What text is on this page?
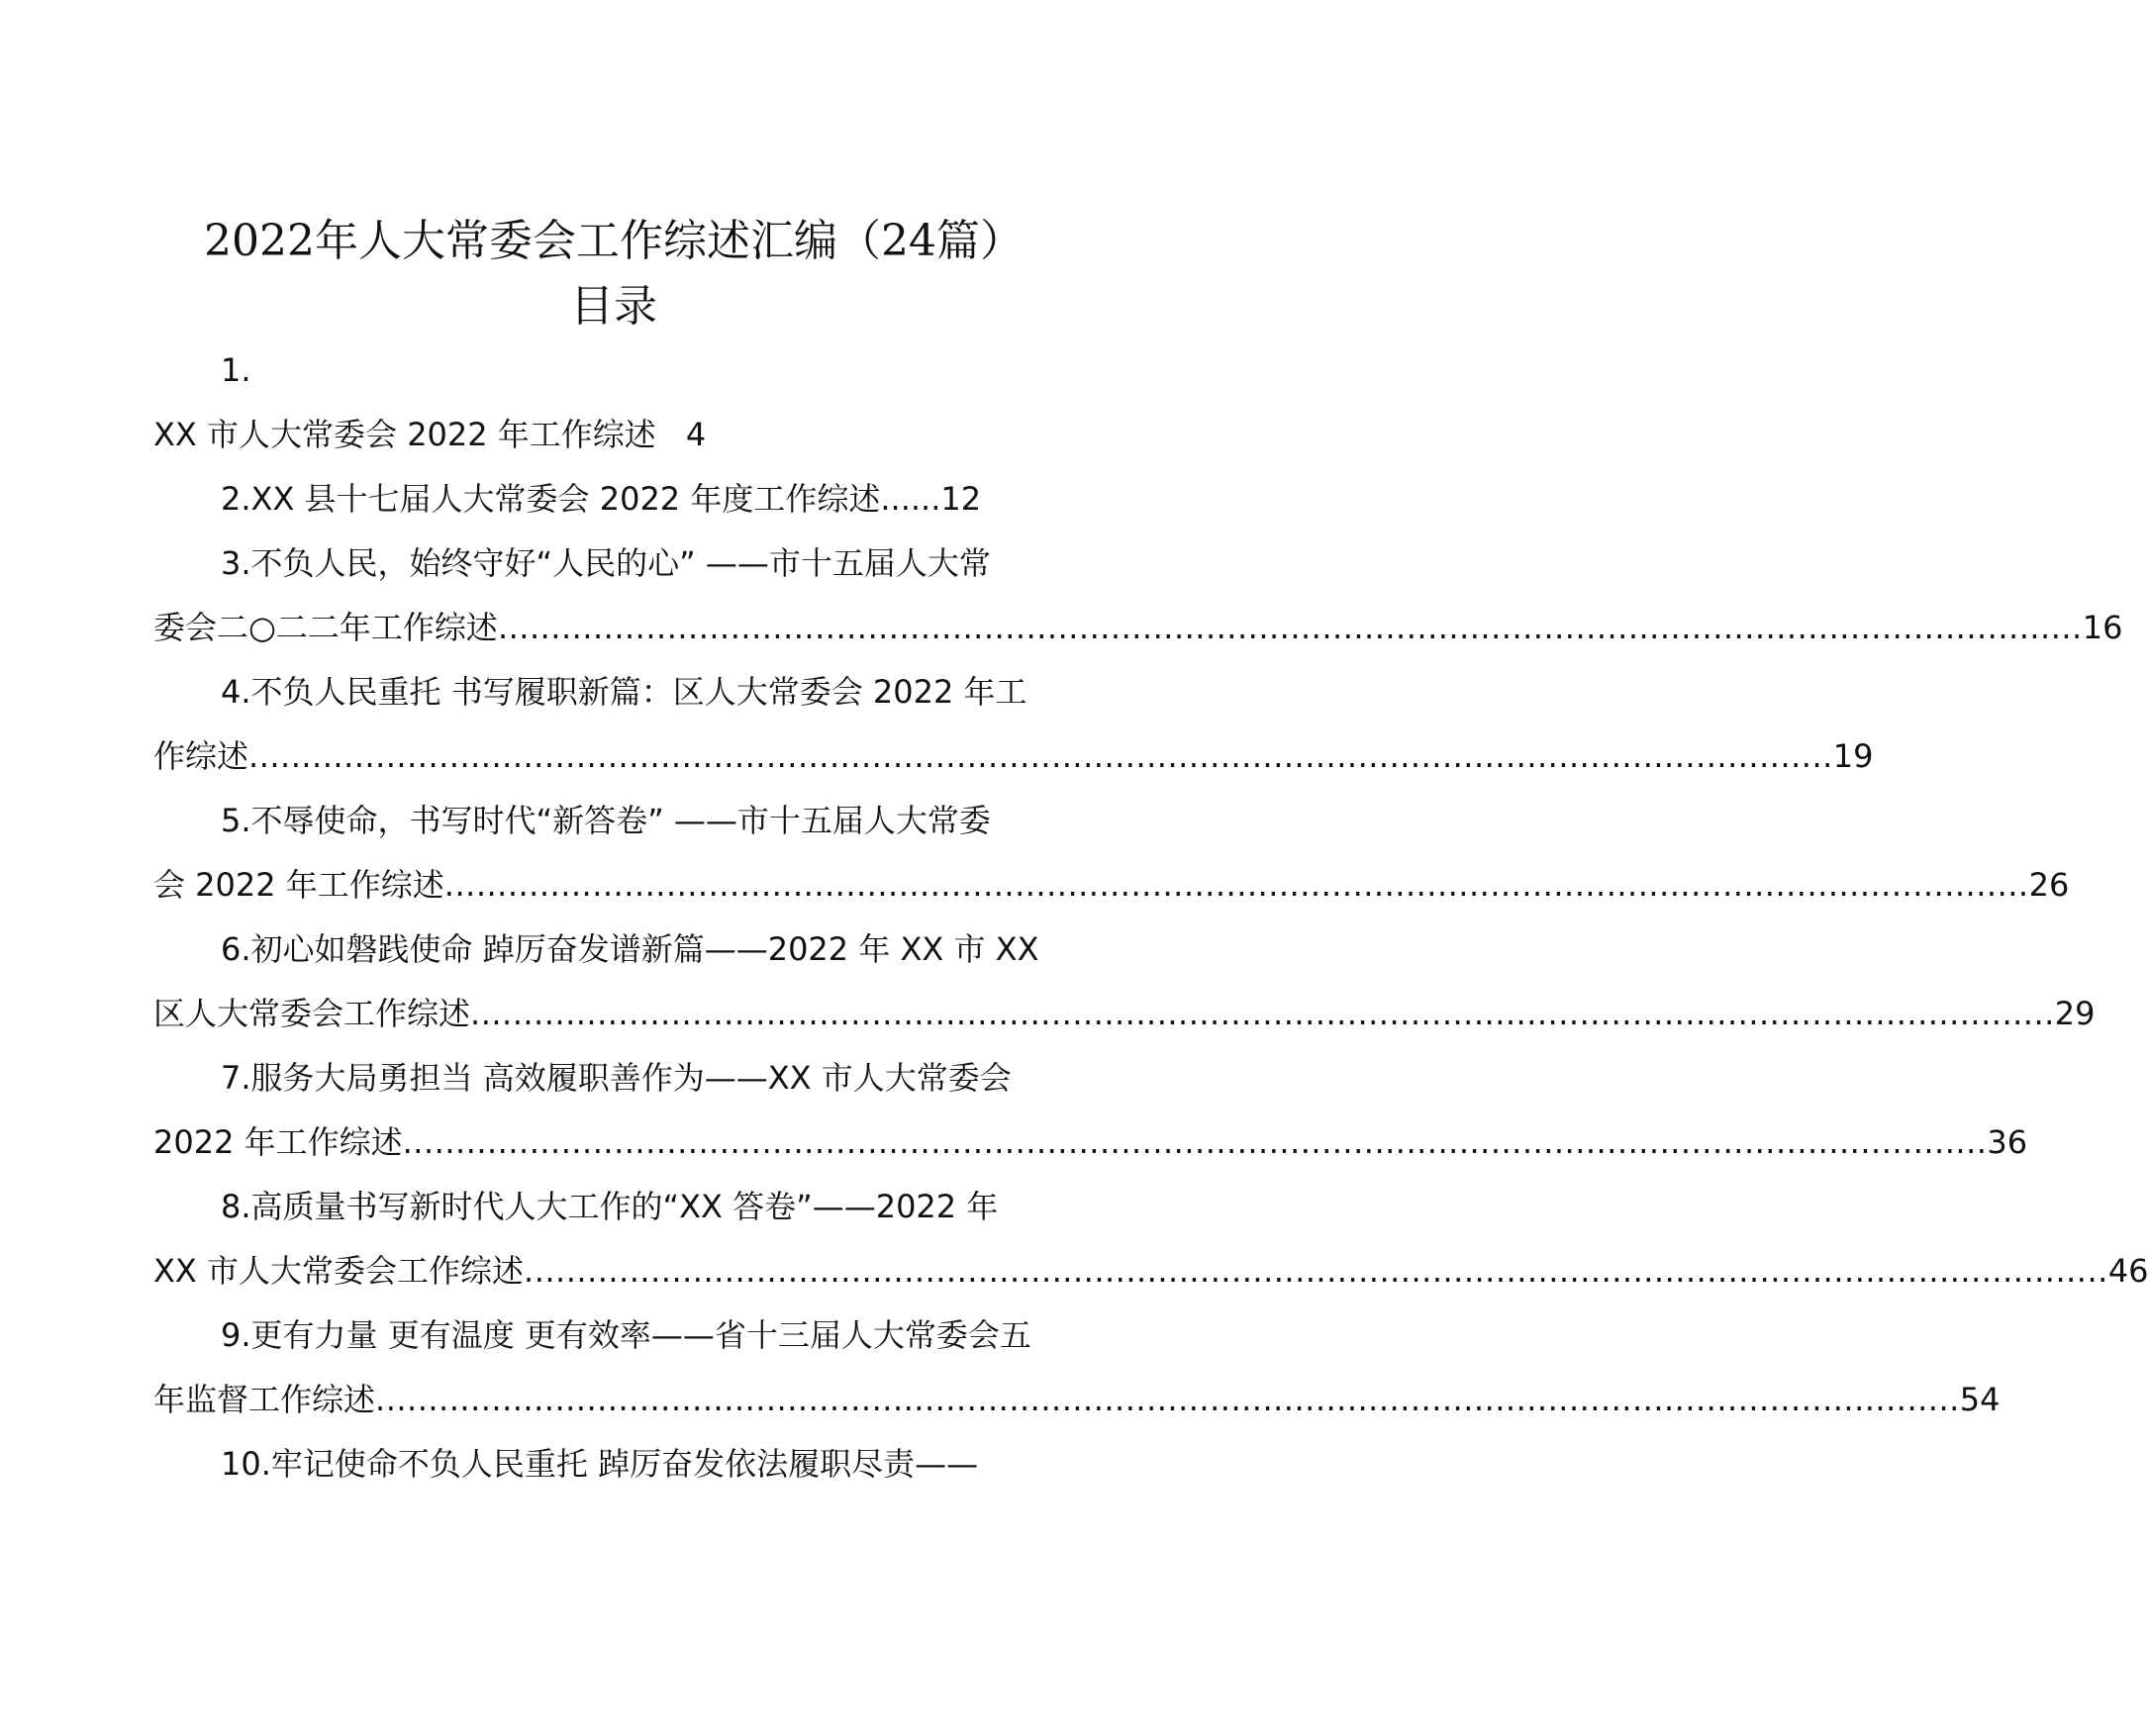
2022年人大常委会工作综述汇编（24篇）
目录
1.
XX 市人大常委会 2022 年工作综述 4
2.XX 县十七届人大常委会 2022 年度工作综述......12
3.不负人民，始终守好“人民的心” ——市十五届人大常
委会二○二二年工作综述 ...................................................................................................................................................... 16
4.不负人民重托 书写履职新篇：区人大常委会 2022 年工
作综述 ...................................................................................................................................................... 19
5.不辱使命，书写时代“新答卷” ——市十五届人大常委
会 2022 年工作综述 ...................................................................................................................................................... 26
6.初心如磐践使命 踔厉奋发谱新篇——2022 年 XX 市 XX
区人大常委会工作综述 ...................................................................................................................................................... 29
7.服务大局勇担当 高效履职善作为——XX 市人大常委会
2022 年工作综述 ...................................................................................................................................................... 36
8.高质量书写新时代人大工作的“XX 答卷”——2022 年
XX 市人大常委会工作综述 ...................................................................................................................................................... 46
9.更有力量 更有温度 更有效率——省十三届人大常委会五
年监督工作综述 ...................................................................................................................................................... 54
10.牢记使命不负人民重托 踔厉奋发依法履职尽责——
